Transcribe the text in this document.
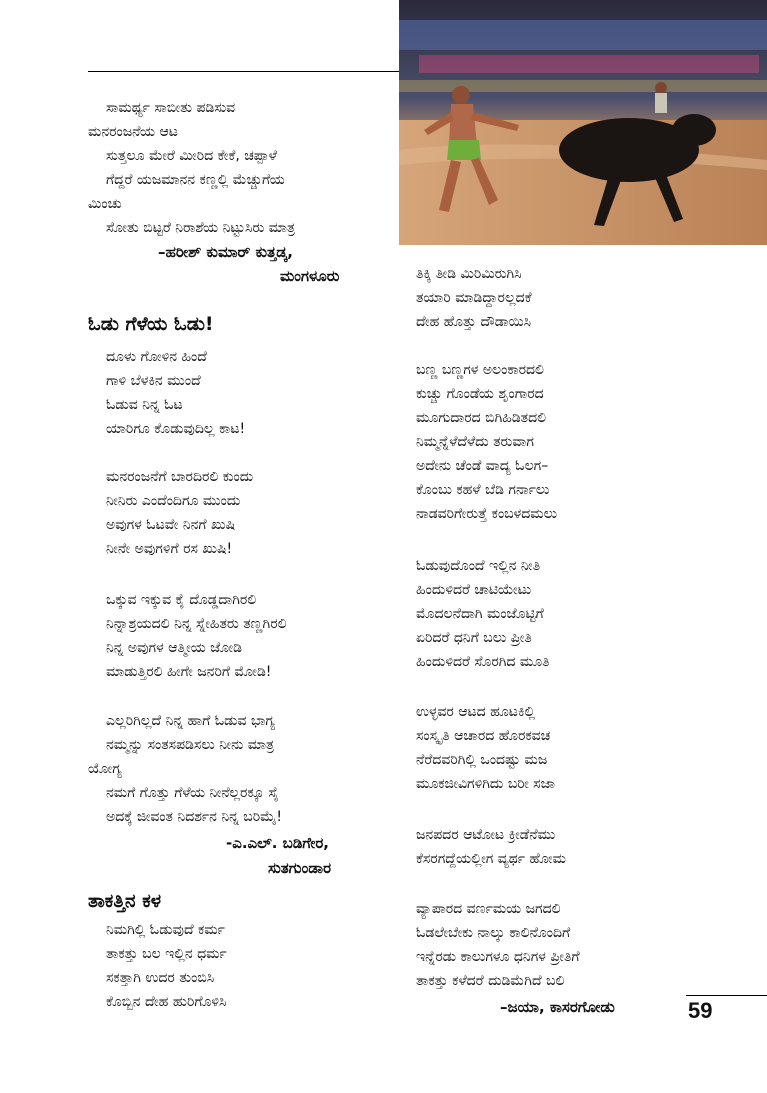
ಸಾಮರ್ಥ್ಯ ಸಾಬೀತು ಪಡಿಸುವ
ಮನರಂಜನೆಯ ಆಟ
ಸುತ್ತಲೂ ಮೇರೆ ಮೀರಿದ ಕೇಕೆ, ಚಪ್ಪಾಳೆ
ಗೆದ್ದರೆ ಯಜಮಾನನ ಕಣ್ಣಲ್ಲಿ ಮೆಚ್ಚುಗೆಯ
ಮಿಂಚು
ಸೋತು ಬಿಟ್ಟರೆ ನಿರಾಶೆಯ ನಿಟ್ಟುಸಿರು ಮಾತ್ರ
–ಹರೀಶ್ ಕುಮಾರ್ ಕುತ್ತಡ್ಕ,
ಮಂಗಳೂರು
ಓಡು ಗೆಳೆಯ ಓಡು!
ದೂಳು ಗೋಳಿನ ಹಿಂದೆ
ಗಾಳಿ ಬೆಳಕಿನ ಮುಂದೆ
ಓಡುವ ನಿನ್ನ ಓಟ
ಯಾರಿಗೂ ಕೊಡುವುದಿಲ್ಲ ಕಾಟ!
ಮನರಂಜನೆಗೆ ಬಾರದಿರಲಿ ಕುಂದು
ನೀನಿರು ಎಂದೆಂದಿಗೂ ಮುಂದು
ಅವುಗಳ ಓಟವೇ ನಿನಗೆ ಖುಷಿ
ನೀನೇ ಅವುಗಳಿಗೆ ರಸ ಖುಷಿ!
ಒಕ್ಕುವ ಇಕ್ಕುವ ಕೈ ದೊಡ್ಡದಾಗಿರಲಿ
ನಿನ್ನಾಶ್ರಯದಲಿ ನಿನ್ನ ಸ್ನೇಹಿತರು ತಣ್ಣಗಿರಲಿ
ನಿನ್ನ ಅವುಗಳ ಆತ್ಮೀಯ ಜೋಡಿ
ಮಾಡುತ್ತಿರಲಿ ಹೀಗೇ ಜನರಿಗೆ ಮೋಡಿ!
ಎಲ್ಲರಿಗಿಲ್ಲದೆ ನಿನ್ನ ಹಾಗೆ ಓಡುವ ಭಾಗ್ಯ
ನಮ್ಮನ್ನು ಸಂತಸಪಡಿಸಲು ನೀನು ಮಾತ್ರ
ಯೋಗ್ಯ
ನಮಗೆ ಗೊತ್ತು ಗೆಳೆಯ ನೀನೆಲ್ಲರಕ್ಕೂ ಸೈ
ಅದಕ್ಕೆ ಜೀವಂತ ನಿದರ್ಶನ ನಿನ್ನ ಬರಿಮೈ!
-ಎ.ಎಲ್. ಬಡಿಗೇರ,
ಸುತಗುಂಡಾರ
ತಾಕತ್ತಿನ ಕಳ
ನಿಮಗಿಲ್ಲಿ ಓಡುವುದೆ ಕರ್ಮ
ತಾಕತ್ತು ಬಲ ಇಲ್ಲಿನ ಧರ್ಮ
ಸಕತ್ತಾಗಿ ಉದರ ತುಂಬಿಸಿ
ಕೊಬ್ಬಿನ ದೇಹ ಹುರಿಗೊಳಿಸಿ
ತಿಕ್ಕಿ ತೀಡಿ ಮಿರಿಮಿರುಗಿಸಿ
ತಯಾರಿ ಮಾಡಿದ್ದಾರಲ್ಲದಕೆ
ದೇಹ ಹೊತ್ತು ದೌಡಾಯಿಸಿ
ಬಣ್ಣ ಬಣ್ಣಗಳ ಅಲಂಕಾರದಲಿ
ಕುಚ್ಚು ಗೊಂಡೆಯ ಶೃಂಗಾರದ
ಮೂಗುದಾರದ ಬಿಗಿಹಿಡಿತದಲಿ
ನಿಮ್ಮನ್ನೆಳೆದೆಳೆದು ತರುವಾಗ
ಅದೇನು ಚೆಂಡೆ ವಾದ್ಯ ಓಲಗ–
ಕೊಂಬು ಕಹಳೆ ಬೆಡಿ ಗರ್ನಾಲು
ನಾಡವರಿಗೇರುತ್ತೆ ಕಂಬಳದಮಲು
ಓಡುವುದೊಂದೆ ಇಲ್ಲಿನ ನೀತಿ
ಹಿಂದುಳಿದರೆ ಚಾಟಿಯೇಟು
ಮೊದಲನೆದಾಗಿ ಮಂಜೊಟ್ಟಿಗೆ
ಏರಿದರೆ ಧನಿಗೆ ಬಲು ಪ್ರೀತಿ
ಹಿಂದುಳಿದರೆ ಸೊರಗಿದ ಮೂತಿ
ಉಳ್ಳವರ ಆಟದ ಹೂಟಕಿಲ್ಲಿ
ಸಂಸ್ಕೃತಿ ಆಚಾರದ ಹೊರಕವಚ
ನೆರೆದವರಿಗಿಲ್ಲಿ ಒಂದಷ್ಟು ಮಜ
ಮೂಕಜೀವಿಗಳಿಗಿದು ಬರೀ ಸಜಾ
ಜನಪದರ ಆಟೋಟ ಕ್ರೀಡೆನೆಮು
ಕೆಸರಗದ್ದೆಯಲ್ಲೀಗ ವ್ಯರ್ಥ ಹೋಮ
ವ್ಯಾಪಾರದ ವರ್ಣಮಯ ಜಗದಲಿ
ಓಡಲೇಬೇಕು ನಾಲ್ಕು ಕಾಲಿನೊಂದಿಗೆ
ಇನ್ನೆರಡು ಕಾಲುಗಳೂ ಧನಿಗಳ ಪ್ರೀತಿಗೆ
ತಾಕತ್ತು ಕಳೆದರೆ ದುಡಿಮೆಗಿದೆ ಬಲಿ
–ಜಯಾ, ಕಾಸರಗೋಡು	59
